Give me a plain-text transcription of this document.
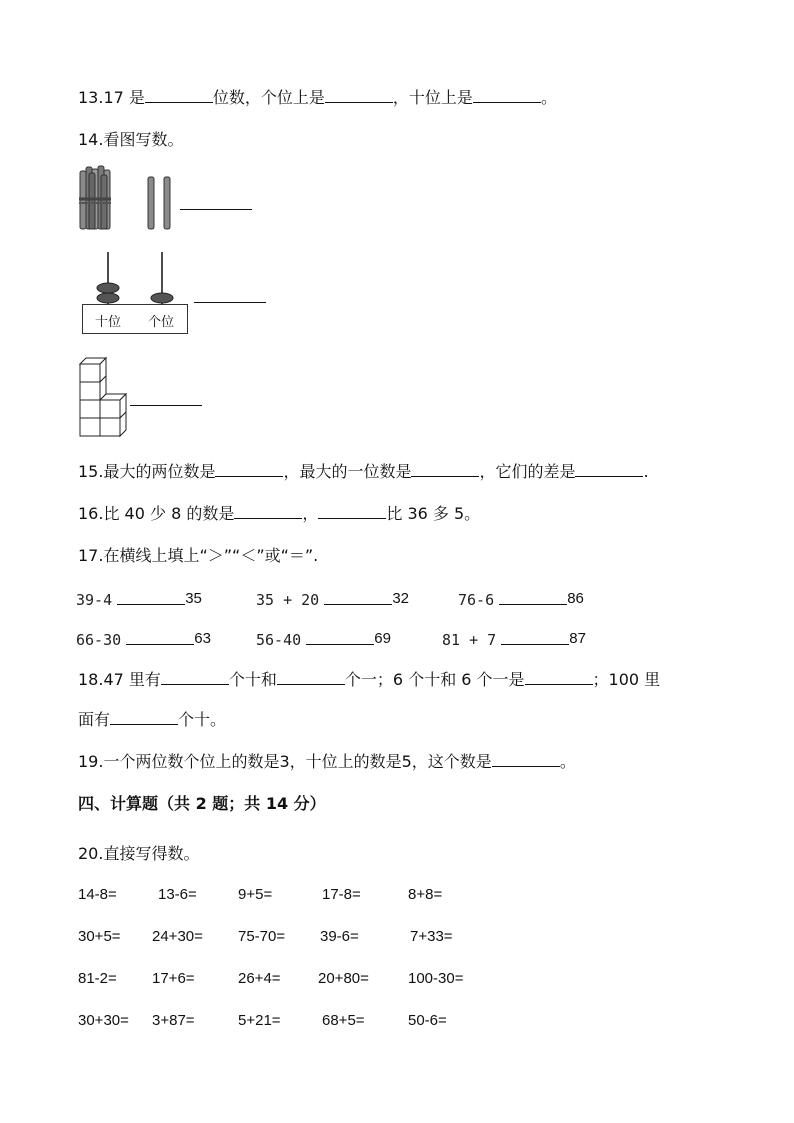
13.17 是	位数，个位上是	，十位上是	。
14.看图写数。
十位 个位
15.最大的两位数是	，最大的一位数是	，它们的差是	.
16.比 40 少 8 的数是	，	比 36 多 5。
17.在横线上填上“＞”“＜”或“＝”.
39-4	35	35 + 20	32	76-6	86
66-30	63	56-40	69	81 + 7	87
18.47 里有	个十和	个一；6 个十和 6 个一是	；100 里
面有	个十。
19.一个两位数个位上的数是3，十位上的数是5，这个数是	。
四、计算题（共 2 题；共 14 分）
20.直接写得数。
14-8=	13-6=	9+5=	17-8=	8+8=
30+5= 24+30= 75-70= 39-6=	7+33=
81-2= 17+6=	26+4= 20+80=	100-30=
30+30= 3+87=	5+21=	68+5=	50-6=
